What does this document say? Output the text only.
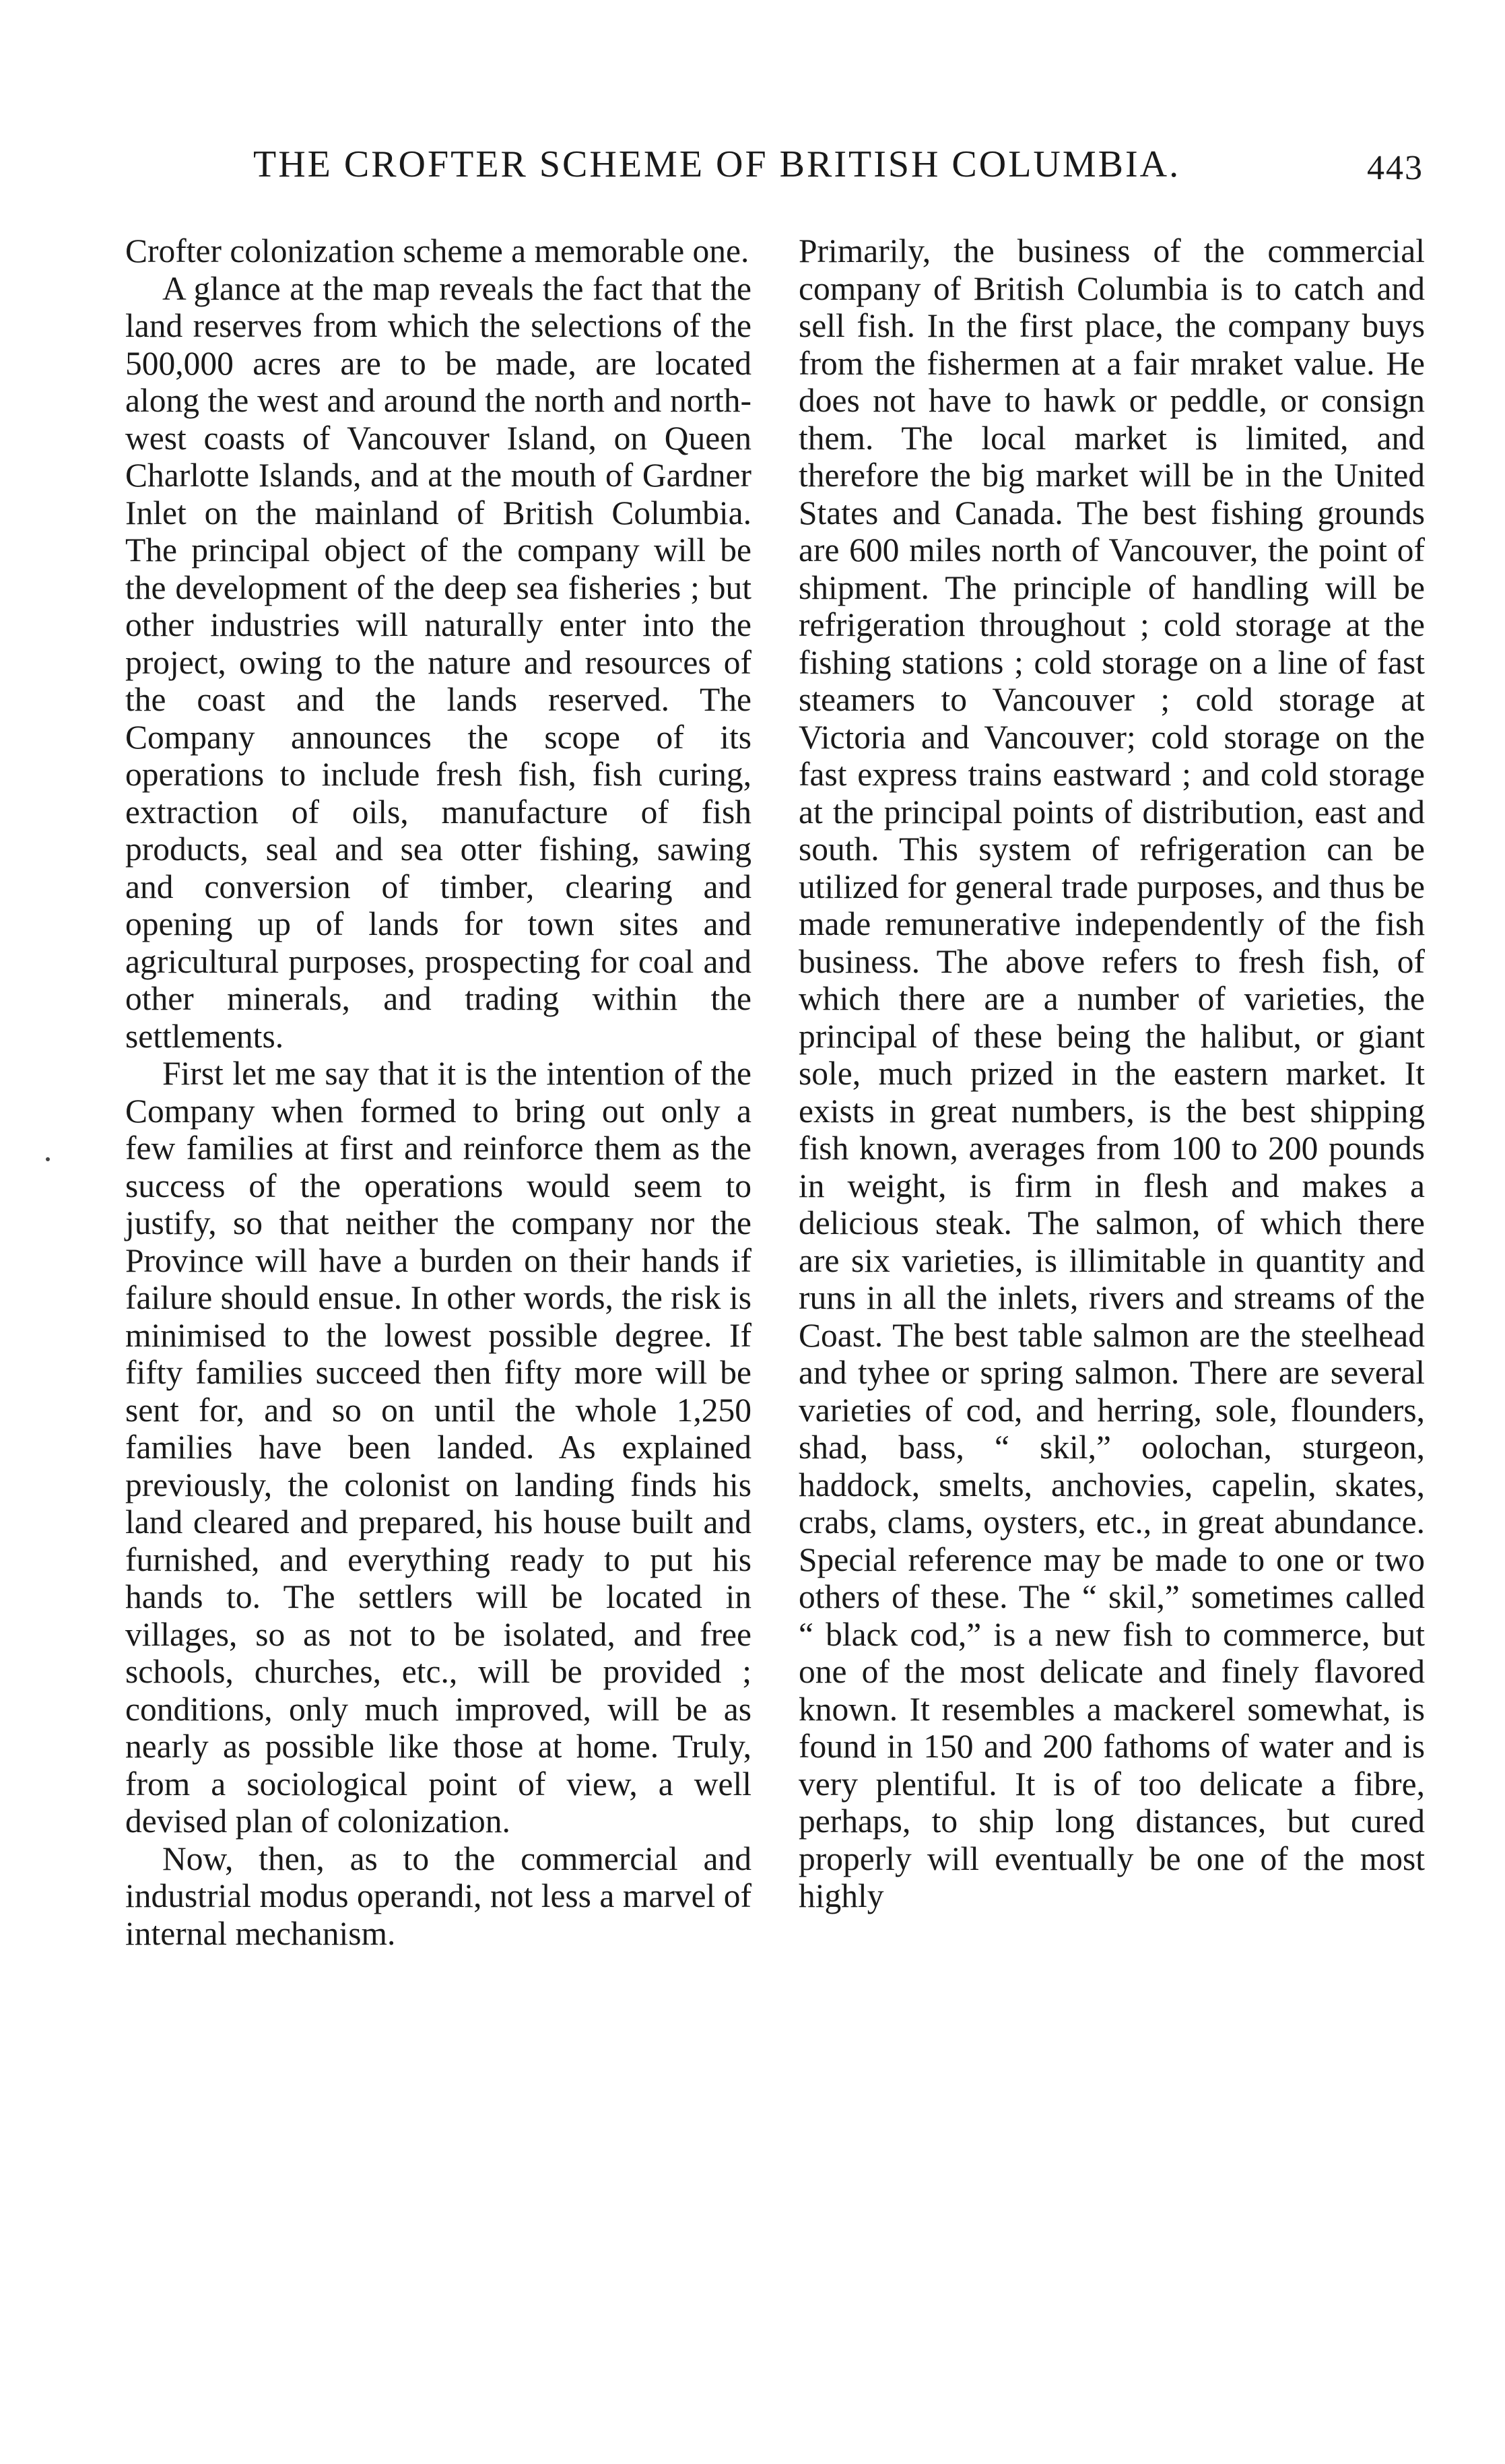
THE CROFTER SCHEME OF BRITISH COLUMBIA.	443

Crofter colonization scheme a memorable one.

A glance at the map reveals the fact that the land reserves from which the selections of the 500,000 acres are to be made, are located along the west and around the north and north-west coasts of Vancouver Island, on Queen Charlotte Islands, and at the mouth of Gardner Inlet on the mainland of British Columbia. The principal object of the company will be the development of the deep sea fisheries ; but other industries will naturally enter into the project, owing to the nature and resources of the coast and the lands reserved. The Company announces the scope of its operations to include fresh fish, fish curing, extraction of oils, manufacture of fish products, seal and sea otter fishing, sawing and conversion of timber, clearing and opening up of lands for town sites and agricultural purposes, prospecting for coal and other minerals, and trading within the settlements.

First let me say that it is the intention of the Company when formed to bring out only a few families at first and reinforce them as the success of the operations would seem to justify, so that neither the company nor the Province will have a burden on their hands if failure should ensue. In other words, the risk is minimised to the lowest possible degree. If fifty families succeed then fifty more will be sent for, and so on until the whole 1,250 families have been landed. As explained previously, the colonist on landing finds his land cleared and prepared, his house built and furnished, and everything ready to put his hands to. The settlers will be located in villages, so as not to be isolated, and free schools, churches, etc., will be provided ; conditions, only much improved, will be as nearly as possible like those at home. Truly, from a sociological point of view, a well devised plan of colonization.

Now, then, as to the commercial and industrial modus operandi, not less a marvel of internal mechanism.

Primarily, the business of the commercial company of British Columbia is to catch and sell fish. In the first place, the company buys from the fishermen at a fair mraket value. He does not have to hawk or peddle, or consign them. The local market is limited, and therefore the big market will be in the United States and Canada. The best fishing grounds are 600 miles north of Vancouver, the point of shipment. The principle of handling will be refrigeration throughout ; cold storage at the fishing stations ; cold storage on a line of fast steamers to Vancouver ; cold storage at Victoria and Vancouver; cold storage on the fast express trains eastward ; and cold storage at the principal points of distribution, east and south. This system of refrigeration can be utilized for general trade purposes, and thus be made remunerative independently of the fish business. The above refers to fresh fish, of which there are a number of varieties, the principal of these being the halibut, or giant sole, much prized in the eastern market. It exists in great numbers, is the best shipping fish known, averages from 100 to 200 pounds in weight, is firm in flesh and makes a delicious steak. The salmon, of which there are six varieties, is illimitable in quantity and runs in all the inlets, rivers and streams of the Coast. The best table salmon are the steelhead and tyhee or spring salmon. There are several varieties of cod, and herring, sole, flounders, shad, bass, “ skil,” oolochan, sturgeon, haddock, smelts, anchovies, capelin, skates, crabs, clams, oysters, etc., in great abundance. Special reference may be made to one or two others of these. The “ skil,” sometimes called “ black cod,” is a new fish to commerce, but one of the most delicate and finely flavored known. It resembles a mackerel somewhat, is found in 150 and 200 fathoms of water and is very plentiful. It is of too delicate a fibre, perhaps, to ship long distances, but cured properly will eventually be one of the most highly
